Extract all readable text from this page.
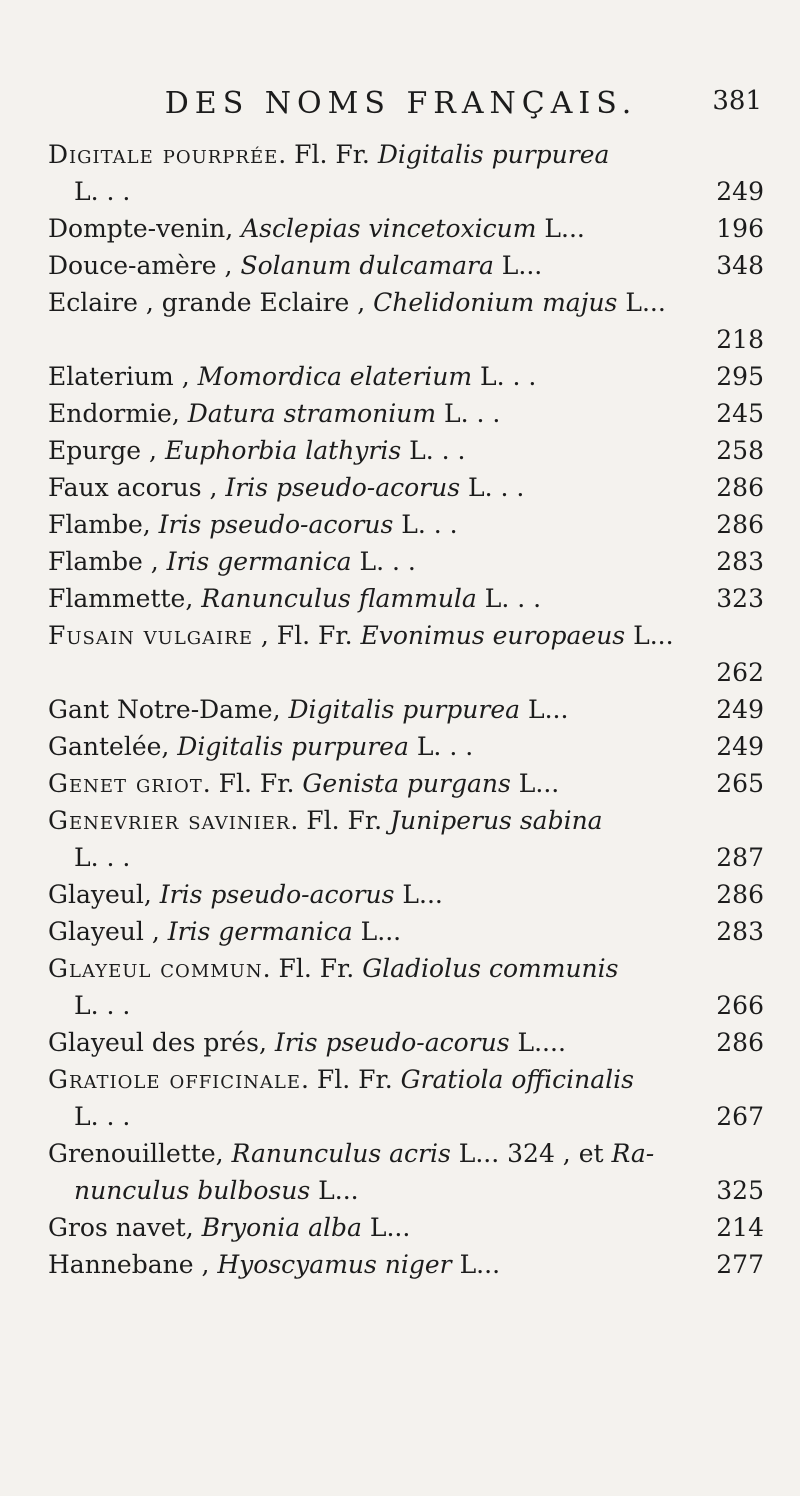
DES NOMS FRANÇAIS.	381
Digitale pourprée. Fl. Fr. Digitalis purpurea
L. . .	249
Dompte-venin, Asclepias vincetoxicum L...	196
Douce-amère , Solanum dulcamara L...	348
Eclaire , grande Eclaire , Chelidonium majus L...
218
Elaterium , Momordica elaterium L. . .	295
Endormie, Datura stramonium L. . .	245
Epurge , Euphorbia lathyris L. . .	258
Faux acorus , Iris pseudo-acorus L. . .	286
Flambe, Iris pseudo-acorus L. . .	286
Flambe , Iris germanica L. . .	283
Flammette, Ranunculus flammula L. . .	323
Fusain vulgaire , Fl. Fr. Evonimus europaeus L...
262
Gant Notre-Dame, Digitalis purpurea L...	249
Gantelée, Digitalis purpurea L. . .	249
Genet griot. Fl. Fr. Genista purgans L...	265
Genevrier savinier. Fl. Fr. Juniperus sabina
L. . .	287
Glayeul, Iris pseudo-acorus L...	286
Glayeul , Iris germanica L...	283
Glayeul commun. Fl. Fr. Gladiolus communis
L. . .	266
Glayeul des prés, Iris pseudo-acorus L....	286
Gratiole officinale. Fl. Fr. Gratiola officinalis
L. . .	267
Grenouillette, Ranunculus acris L... 324 , et Ra-
nunculus bulbosus L...	325
Gros navet, Bryonia alba L...	214
Hannebane , Hyoscyamus niger L...	277
